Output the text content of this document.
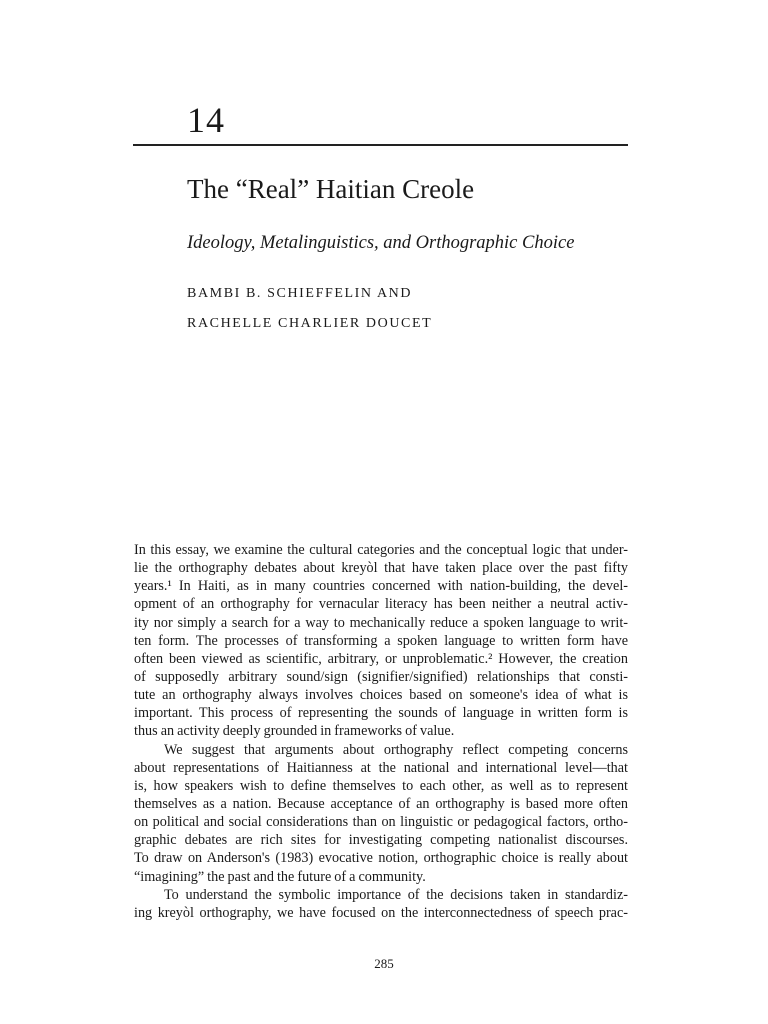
14
The “Real” Haitian Creole
Ideology, Metalinguistics, and Orthographic Choice
BAMBI B. SCHIEFFELIN AND
RACHELLE CHARLIER DOUCET
In this essay, we examine the cultural categories and the conceptual logic that under-
lie the orthography debates about kreyòl that have taken place over the past fifty
years.¹ In Haiti, as in many countries concerned with nation-building, the devel-
opment of an orthography for vernacular literacy has been neither a neutral activ-
ity nor simply a search for a way to mechanically reduce a spoken language to writ-
ten form. The processes of transforming a spoken language to written form have
often been viewed as scientific, arbitrary, or unproblematic.² However, the creation
of supposedly arbitrary sound/sign (signifier/signified) relationships that consti-
tute an orthography always involves choices based on someone's idea of what is
important. This process of representing the sounds of language in written form is
thus an activity deeply grounded in frameworks of value.
We suggest that arguments about orthography reflect competing concerns
about representations of Haitianness at the national and international level—that
is, how speakers wish to define themselves to each other, as well as to represent
themselves as a nation. Because acceptance of an orthography is based more often
on political and social considerations than on linguistic or pedagogical factors, ortho-
graphic debates are rich sites for investigating competing nationalist discourses.
To draw on Anderson's (1983) evocative notion, orthographic choice is really about
“imagining” the past and the future of a community.
To understand the symbolic importance of the decisions taken in standardiz-
ing kreyòl orthography, we have focused on the interconnectedness of speech prac-
285
